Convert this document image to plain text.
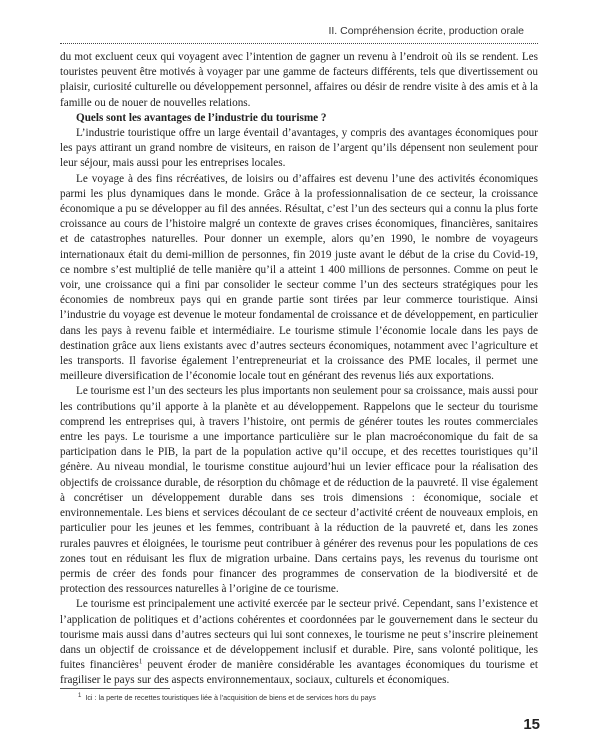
II. Compréhension écrite, production orale

du mot excluent ceux qui voyagent avec l’intention de gagner un revenu à l’endroit où ils se rendent. Les touristes peuvent être motivés à voyager par une gamme de facteurs différents, tels que divertissement ou plaisir, curiosité culturelle ou développement personnel, affaires ou désir de rendre visite à des amis et à la famille ou de nouer de nouvelles relations.

Quels sont les avantages de l’industrie du tourisme ?

L’industrie touristique offre un large éventail d’avantages, y compris des avantages économiques pour les pays attirant un grand nombre de visiteurs, en raison de l’argent qu’ils dépensent non seulement pour leur séjour, mais aussi pour les entreprises locales.

Le voyage à des fins récréatives, de loisirs ou d’affaires est devenu l’une des activités économiques parmi les plus dynamiques dans le monde. Grâce à la professionnalisation de ce secteur, la croissance économique a pu se développer au fil des années. Résultat, c’est l’un des secteurs qui a connu la plus forte croissance au cours de l’histoire malgré un contexte de graves crises économiques, financières, sanitaires et de catastrophes naturelles. Pour donner un exemple, alors qu’en 1990, le nombre de voyageurs internationaux était du demi-million de personnes, fin 2019 juste avant le début de la crise du Covid-19, ce nombre s’est multiplié de telle manière qu’il a atteint 1 400 millions de personnes. Comme on peut le voir, une croissance qui a fini par consolider le secteur comme l’un des secteurs stratégiques pour les économies de nombreux pays qui en grande partie sont tirées par leur commerce touristique. Ainsi l’industrie du voyage est devenue le moteur fondamental de croissance et de développement, en particulier dans les pays à revenu faible et intermédiaire. Le tourisme stimule l’économie locale dans les pays de destination grâce aux liens existants avec d’autres secteurs économiques, notamment avec l’agriculture et les transports. Il favorise également l’entrepreneuriat et la croissance des PME locales, il permet une meilleure diversification de l’économie locale tout en générant des revenus liés aux exportations.

Le tourisme est l’un des secteurs les plus importants non seulement pour sa croissance, mais aussi pour les contributions qu’il apporte à la planète et au développement. Rappelons que le secteur du tourisme comprend les entreprises qui, à travers l’histoire, ont permis de générer toutes les routes commerciales entre les pays. Le tourisme a une importance particulière sur le plan macroéconomique du fait de sa participation dans le PIB, la part de la population active qu’il occupe, et des recettes touristiques qu’il génère. Au niveau mondial, le tourisme constitue aujourd’hui un levier efficace pour la réalisation des objectifs de croissance durable, de résorption du chômage et de réduction de la pauvreté. Il vise également à concrétiser un développement durable dans ses trois dimensions : économique, sociale et environnementale. Les biens et services découlant de ce secteur d’activité créent de nouveaux emplois, en particulier pour les jeunes et les femmes, contribuant à la réduction de la pauvreté et, dans les zones rurales pauvres et éloignées, le tourisme peut contribuer à générer des revenus pour les populations de ces zones tout en réduisant les flux de migration urbaine. Dans certains pays, les revenus du tourisme ont permis de créer des fonds pour financer des programmes de conservation de la biodiversité et de protection des ressources naturelles à l’origine de ce tourisme.

Le tourisme est principalement une activité exercée par le secteur privé. Cependant, sans l’existence et l’application de politiques et d’actions cohérentes et coordonnées par le gouvernement dans le secteur du tourisme mais aussi dans d’autres secteurs qui lui sont connexes, le tourisme ne peut s’inscrire pleinement dans un objectif de croissance et de développement inclusif et durable. Pire, sans volonté politique, les fuites financières$^1$ peuvent éroder de manière considérable les avantages économiques du tourisme et fragiliser le pays sur des aspects environnementaux, sociaux, culturels et économiques.

$^1$ Ici : la perte de recettes touristiques liée à l’acquisition de biens et de services hors du pays
15
